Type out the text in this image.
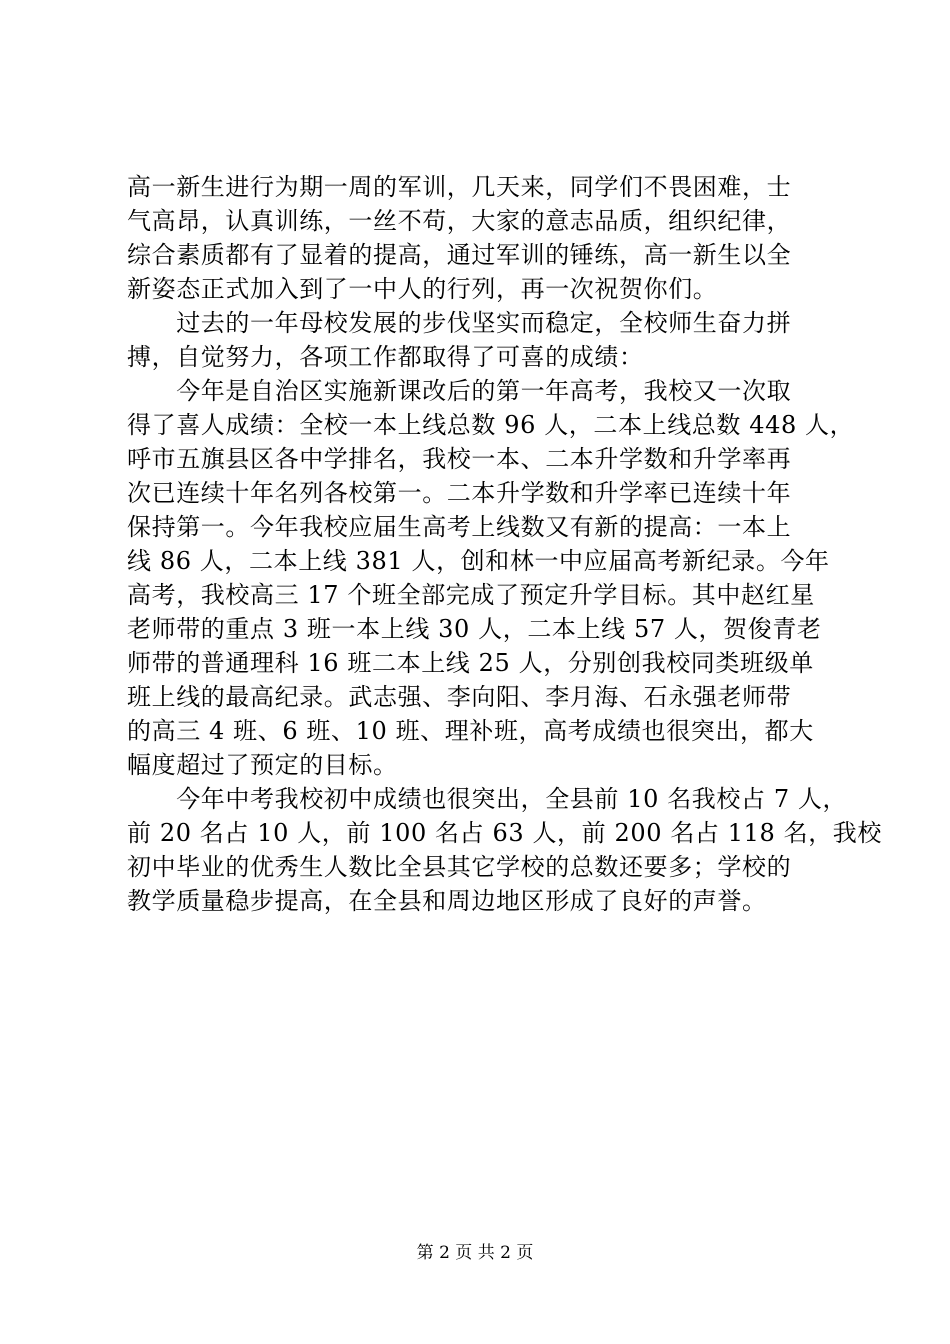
高一新生进行为期一周的军训，几天来，同学们不畏困难，士
气高昂，认真训练，一丝不苟，大家的意志品质，组织纪律，
综合素质都有了显着的提高，通过军训的锤练，高一新生以全
新姿态正式加入到了一中人的行列，再一次祝贺你们。
　　过去的一年母校发展的步伐坚实而稳定，全校师生奋力拼
搏，自觉努力，各项工作都取得了可喜的成绩：
　　今年是自治区实施新课改后的第一年高考，我校又一次取
得了喜人成绩：全校一本上线总数 96 人，二本上线总数 448 人，
呼市五旗县区各中学排名，我校一本、二本升学数和升学率再
次已连续十年名列各校第一。二本升学数和升学率已连续十年
保持第一。今年我校应届生高考上线数又有新的提高：一本上
线 86 人，二本上线 381 人，创和林一中应届高考新纪录。今年
高考，我校高三 17 个班全部完成了预定升学目标。其中赵红星
老师带的重点 3 班一本上线 30 人，二本上线 57 人，贺俊青老
师带的普通理科 16 班二本上线 25 人，分别创我校同类班级单
班上线的最高纪录。武志强、李向阳、李月海、石永强老师带
的高三 4 班、6 班、10 班、理补班，高考成绩也很突出，都大
幅度超过了预定的目标。
　　今年中考我校初中成绩也很突出，全县前 10 名我校占 7 人，
前 20 名占 10 人，前 100 名占 63 人，前 200 名占 118 名，我校
初中毕业的优秀生人数比全县其它学校的总数还要多；学校的
教学质量稳步提高，在全县和周边地区形成了良好的声誉。
第 2 页 共 2 页
